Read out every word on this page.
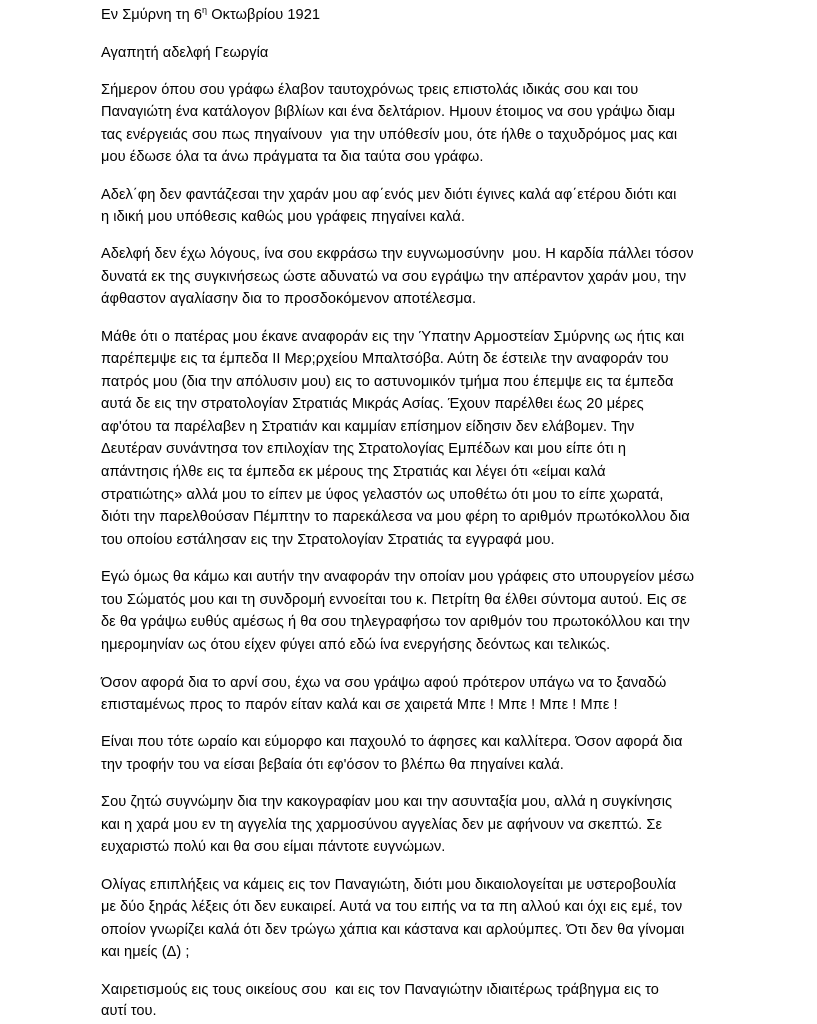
Εν Σμύρνη τη $6^\eta$ Οκτωβρίου 1921
Αγαπητή αδελφή Γεωργία
Σήμερον όπου σου γράφω έλαβον ταυτοχρόνως τρεις επιστολάς ιδικάς σου και του
Παναγιώτη ένα κατάλογον βιβλίων και ένα δελτάριον. Ημουν έτοιμος να σου γράψω διαμ
τας ενέργειάς σου πως πηγαίνουν  για την υπόθεσίν μου, ότε ήλθε ο ταχυδρόμος μας και
μου έδωσε όλα τα άνω πράγματα τα δια ταύτα σου γράφω.
Αδελ΄φη δεν φαντάζεσαι την χαράν μου αφ΄ενός μεν διότι έγινες καλά αφ΄ετέρου διότι και
η ιδική μου υπόθεσις καθώς μου γράφεις πηγαίνει καλά.
Αδελφή δεν έχω λόγους, ίνα σου εκφράσω την ευγνωμοσύνην  μου. Η καρδία πάλλει τόσον
δυνατά εκ της συγκινήσεως ώστε αδυνατώ να σου εγράψω την απέραντον χαράν μου, την
άφθαστον αγαλίασην δια το προσδοκόμενον αποτέλεσμα.
Μάθε ότι ο πατέρας μου έκανε αναφοράν εις την Ύπατην Αρμοστείαν Σμύρνης ως ήτις και
παρέπεμψε εις τα έμπεδα ΙΙ Μερ;ρχείου Μπαλτσόβα. Αύτη δε έστειλε την αναφοράν του
πατρός μου (δια την απόλυσιν μου) εις το αστυνομικόν τμήμα που έπεμψε εις τα έμπεδα
αυτά δε εις την στρατολογίαν Στρατιάς Μικράς Ασίας. Έχουν παρέλθει έως 20 μέρες
αφ'ότου τα παρέλαβεν η Στρατιάν και καμμίαν επίσημον είδησιν δεν ελάβομεν. Την
Δευτέραν συνάντησα τον επιλοχίαν της Στρατολογίας Εμπέδων και μου είπε ότι η
απάντησις ήλθε εις τα έμπεδα εκ μέρους της Στρατιάς και λέγει ότι «είμαι καλά
στρατιώτης» αλλά μου το είπεν με ύφος γελαστόν ως υποθέτω ότι μου το είπε χωρατά,
διότι την παρελθούσαν Πέμπτην το παρεκάλεσα να μου φέρη το αριθμόν πρωτόκολλου δια
του οποίου εστάλησαν εις την Στρατολογίαν Στρατιάς τα εγγραφά μου.
Εγώ όμως θα κάμω και αυτήν την αναφοράν την οποίαν μου γράφεις στο υπουργείον μέσω
του Σώματός μου και τη συνδρομή εννοείται του κ. Πετρίτη θα έλθει σύντομα αυτού. Εις σε
δε θα γράψω ευθύς αμέσως ή θα σου τηλεγραφήσω τον αριθμόν του πρωτοκόλλου και την
ημερομηνίαν ως ότου είχεν φύγει από εδώ ίνα ενεργήσης δεόντως και τελικώς.
Όσον αφορά δια το αρνί σου, έχω να σου γράψω αφού πρότερον υπάγω να το ξαναδώ
επισταμένως προς το παρόν είταν καλά και σε χαιρετά Μπε ! Μπε ! Μπε ! Μπε !
Είναι που τότε ωραίο και εύμορφο και παχουλό το άφησες και καλλίτερα. Όσον αφορά δια
την τροφήν του να είσαι βεβαία ότι εφ'όσον το βλέπω θα πηγαίνει καλά.
Σου ζητώ συγνώμην δια την κακογραφίαν μου και την ασυνταξία μου, αλλά η συγκίνησις
και η χαρά μου εν τη αγγελία της χαρμοσύνου αγγελίας δεν με αφήνουν να σκεπτώ. Σε
ευχαριστώ πολύ και θα σου είμαι πάντοτε ευγνώμων.
Ολίγας επιπλήξεις να κάμεις εις τον Παναγιώτη, διότι μου δικαιολογείται με υστεροβουλία
με δύο ξηράς λέξεις ότι δεν ευκαιρεί. Αυτά να του ειπής να τα πη αλλού και όχι εις εμέ, τον
οποίον γνωρίζει καλά ότι δεν τρώγω χάπια και κάστανα και αρλούμπες. Ότι δεν θα γίνομαι
και ημείς (Δ) ;
Χαιρετισμούς εις τους οικείους σου  και εις τον Παναγιώτην ιδιαιτέρως τράβηγμα εις το
αυτί του.
